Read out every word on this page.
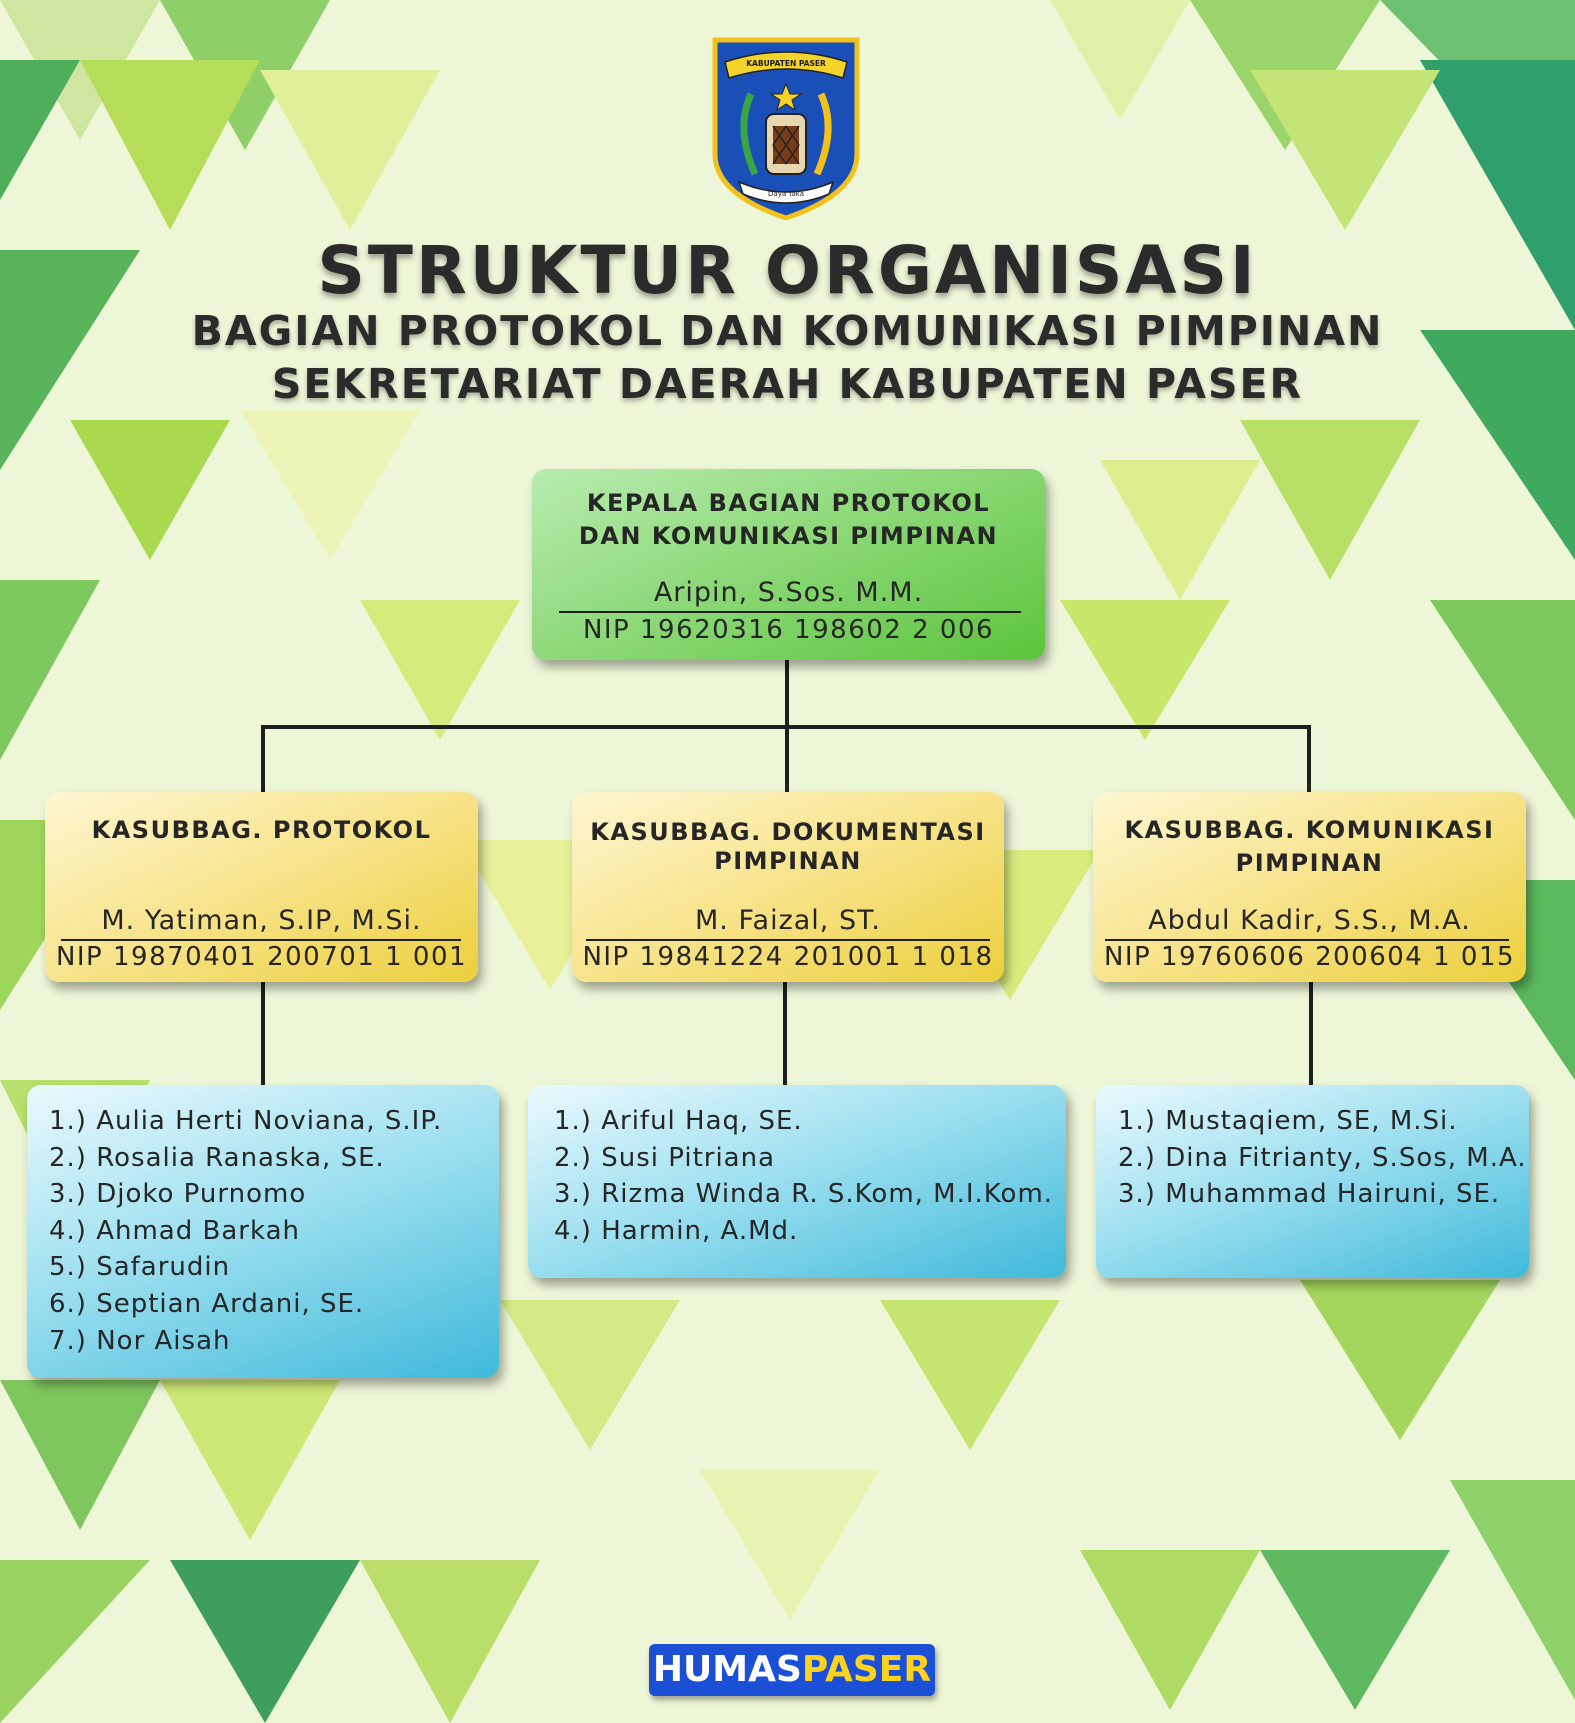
KABUPATEN PASER
Daya Taka
STRUKTUR ORGANISASI
BAGIAN PROTOKOL DAN KOMUNIKASI PIMPINAN
SEKRETARIAT DAERAH KABUPATEN PASER
KEPALA BAGIAN PROTOKOL
DAN KOMUNIKASI PIMPINAN
Aripin, S.Sos. M.M.
NIP 19620316 198602 2 006
KASUBBAG. PROTOKOL
M. Yatiman, S.IP, M.Si.
NIP 19870401 200701 1 001
KASUBBAG. DOKUMENTASI
PIMPINAN
M. Faizal, ST.
NIP 19841224 201001 1 018
KASUBBAG. KOMUNIKASI
PIMPINAN
Abdul Kadir, S.S., M.A.
NIP 19760606 200604 1 015
1.) Aulia Herti Noviana, S.IP.
2.) Rosalia Ranaska, SE.
3.) Djoko Purnomo
4.) Ahmad Barkah
5.) Safarudin
6.) Septian Ardani, SE.
7.) Nor Aisah
1.) Ariful Haq, SE.
2.) Susi Pitriana
3.) Rizma Winda R. S.Kom, M.I.Kom.
4.) Harmin, A.Md.
1.) Mustaqiem, SE, M.Si.
2.) Dina Fitrianty, S.Sos, M.A.
3.) Muhammad Hairuni, SE.
HUMASPASER
